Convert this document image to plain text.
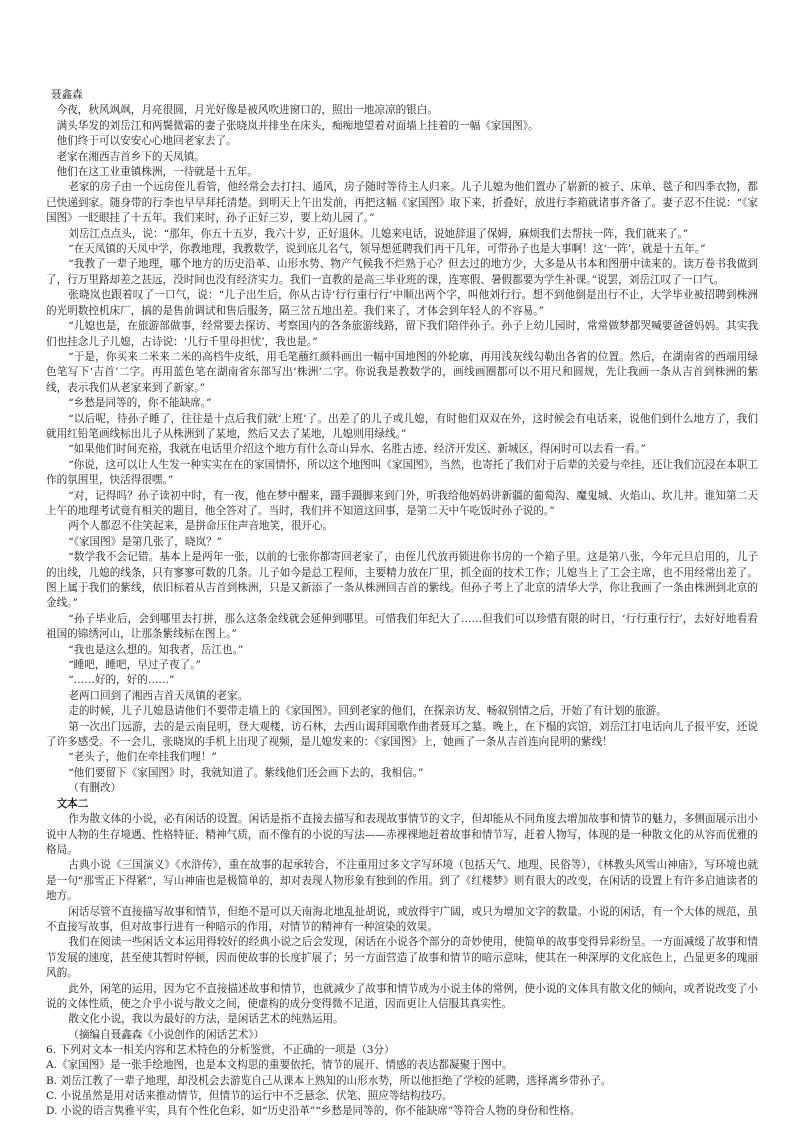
聂鑫森

今夜，秋风飒飒，月亮很圆，月光好像是被风吹进窗口的，照出一地凉凉的银白。

满头华发的刘岳江和两鬓微霜的妻子张晓岚并排坐在床头，痴痴地望着对面墙上挂着的一幅《家国图》。

他们终于可以安安心心地回老家去了。

老家在湘西吉首乡下的天凤镇。

他们在这工业重镇株洲，一待就是十五年。

老家的房子由一个远房侄儿看管，他经常会去打扫、通风，房子随时等待主人归来。儿子儿媳为他们置办了崭新的被子、床单、毯子和四季衣物，都已快递到家。随身带的行李也早早拜托清楚。到明天上午出发前，再把这幅《家国图》取下来，折叠好，放进行李箱就诸事齐备了。妻子忍不住说：“《家国图》一眨眼挂了十五年。我们来时，孙子正好三岁，要上幼儿园了。”

刘岳江点点头，说：“那年，你五十五岁，我六十岁，正好退休。儿媳来电话，说她辞退了保姆，麻烦我们去帮扶一阵，我们就来了。”

“在天凤镇的天凤中学，你教地理，我教数学，说到底儿名气，领导想延聘我们再干几年，可带孙子也是大事啊！这‘一阵’，就是十五年。”

“我教了一辈子地理，哪个地方的历史沿革、山形水势、物产气候我不烂熟于心？但去过的地方少，大多是从书本和图册中读来的。读万卷书我做到了，行万里路却差之甚远，没时间也没有经济实力。我们一直教的是高三毕业班的课，连寒假、暑假都要为学生补课。”说罢，刘岳江叹了一口气。

张晓岚也跟着叹了一口气，说：“儿子出生后，你从古诗‘行行重行行’中顺出两个字，叫他刘行行。想不到他倒是出行不止，大学毕业被招聘到株洲的光明数控机床厂，搞的是售前调试和售后服务，隔三岔五地出差。我们来了，才体会到年轻人的不容易。”

“儿媳也是，在旅游部做事，经常要去探访、考察国内的各条旅游线路，留下我们陪伴孙子。孙子上幼儿园时，常常做梦都哭喊要爸爸妈妈。其实我们也挂念儿子儿媳，古诗说：‘儿行千里母担忧’，我也是。”

“于是，你买来二米来二米的高档牛皮纸，用毛笔蘸红颜料画出一幅中国地图的外轮廓，再用浅灰线勾勒出各省的位置。然后，在湖南省的西端用绿色笔写下‘吉首’二字。再用蓝色笔在湖南省东部写出‘株洲’二字。你说我是教数学的，画线画圈都可以不用尺和圆规，先让我画一条从吉首到株洲的紫线，表示我们从老家来到了新家。”

“乡愁是同等的，你不能缺席。”

“以后呢，待孙子睡了，往往是十点后我们就‘上班’了。出差了的儿子或儿媳，有时他们双双在外，这时候会有电话来，说他们到什么地方了，我们就用红铅笔画线标出儿子从株洲到了某地，然后又去了某地，儿媳则用绿线。”

“如果他们时间充裕，我就在电话里介绍这个地方有什么奇山异水、名胜古迹、经济开发区、新城区，得闲时可以去看一看。”

“你说，这可以让人生发一种实实在在的家国情怀，所以这个地图叫《家国图》，当然，也寄托了我们对于后辈的关爱与牵挂，还让我们沉浸在本职工作的氛围里，快活得很嘿。”

“对，记得吗？孙子读初中时，有一夜，他在梦中醒来，蹑手蹑脚来到门外，听我给他妈妈讲新疆的葡萄沟、魔鬼城、火焰山、坎儿井。谁知第二天上午的地理考试竟有相关的题目，他全答对了。当时，我们并不知道这回事，是第二天中午吃饭时孙子说的。”

两个人都忍不住笑起来，是拼命压住声音地笑，很开心。

“《家国图》是第几张了，晓岚？”

“数学我不会记错。基本上是两年一张，以前的七张你都寄回老家了，由侄儿代放再锁进你书房的一个箱子里。这是第八张，今年元旦启用的，儿子的出线，儿媳的线条，只有寥寥可数的几条。儿子如今是总工程师，主要精力放在厂里，抓全面的技术工作；儿媳当上了工会主席，也不用经常出差了。图上属于我们的紫线，依旧标着从吉首到株洲，只是又新添了一条从株洲回吉首的紫线。但孙子考上了北京的清华大学，你让我画了一条由株洲到北京的金线。”

“孙子毕业后，会到哪里去打拼，那么这条金线就会延伸到哪里。可惜我们年纪大了……但我们可以珍惜有限的时日，‘行行重行行’，去好好地看看祖国的锦绣河山，让那条紫线标在图上。”

“我也是这么想的。知我者，岳江也。”

“睡吧，睡吧，早过子夜了。”

“……好的，好的……”

老两口回到了湘西吉首天凤镇的老家。

走的时候，儿子儿媳恳请他们不要带走墙上的《家国图》。回到老家的他们，在探亲访友、畅叙别情之后，开始了有计划的旅游。

第一次出门远游，去的是云南昆明，登大观楼，访石林，去西山谒拜国歌作曲者聂耳之墓。晚上，在下榻的宾馆，刘岳江打电话向儿子报平安，还说了许多感受。不一会儿，张晓岚的手机上出现了视频，是儿媳发来的：《家国图》上，她画了一条从吉首连向昆明的紫线！

“老头子，他们在牵挂我们哩！”

“他们要留下《家国图》时，我就知道了。紫线他们还会画下去的，我相信。”

（有删改）

文本二

作为散文体的小说，必有闲话的设置。闲话是指不直接去描写和表现故事情节的文字，但却能从不同角度去增加故事和情节的魅力，多侧面展示出小说中人物的生存境遇、性格特征、精神气质，而不像有的小说的写法——赤裸裸地赶着故事和情节写，赶着人物写，体现的是一种散文化的从容而优雅的格局。

古典小说《三国演义》《水浒传》，重在故事的起承转合，不注重用过多文字写环境（包括天气、地理、民俗等），《林教头风雪山神庙》，写环境也就是一句“那雪正下得紧”，写山神庙也是极简单的，却对表现人物形象有独到的作用。到了《红楼梦》则有很大的改变，在闲话的设置上有许多启迪读者的地方。

闲话尽管不直接描写故事和情节，但绝不是可以天南海北地乱扯胡说，或放得宇广阔，或只为增加文字的数量。小说的闲话，有一个大体的规范，虽不直接写故事，但对故事行进有一种暗示的作用，对情节的精神有一种渲染的效果。

我们在阅读一些闲话文本运用得较好的经典小说之后会发现，闲话在小说各个部分的奇妙使用，使简单的故事变得异彩纷呈。一方面减缓了故事和情节发展的速度，甚至使其暂时停顿，因而使故事的长度扩展了；另一方面营造了故事和情节的暗示意味，使其在一种深厚的文化底色上，凸显更多的瑰丽风韵。

此外，闲笔的运用，因为它不直接描述故事和情节，也就减少了故事和情节成为小说主体的常例，使小说的文体具有散文化的倾向，或者说改变了小说的文体性质，使之介乎小说与散文之间，使虚构的成分变得微不足道，因而更让人信服其真实性。

散文化小说，我以为最好的方法，是闲话艺术的纯熟运用。

（摘编自聂鑫森《小说创作的闲话艺术》）

6. 下列对文本一相关内容和艺术特色的分析鉴赏，不正确的一项是（3分）

A.《家国图》是一张手绘地图，也是本文构思的重要依托，情节的展开、情感的表达都凝聚于图中。

B. 刘岳江教了一辈子地理，却没机会去游览自己从课本上熟知的山形水势，所以他拒绝了学校的延聘，选择离乡带孙子。

C. 小说虽然是用对话来推动情节，但情节的运行中不乏悬念、伏笔、照应等结构技巧。

D. 小说的语言隽雅平实，具有个性化色彩，如“历史沿革”“乡愁是同等的，你不能缺席”等符合人物的身份和性格。
